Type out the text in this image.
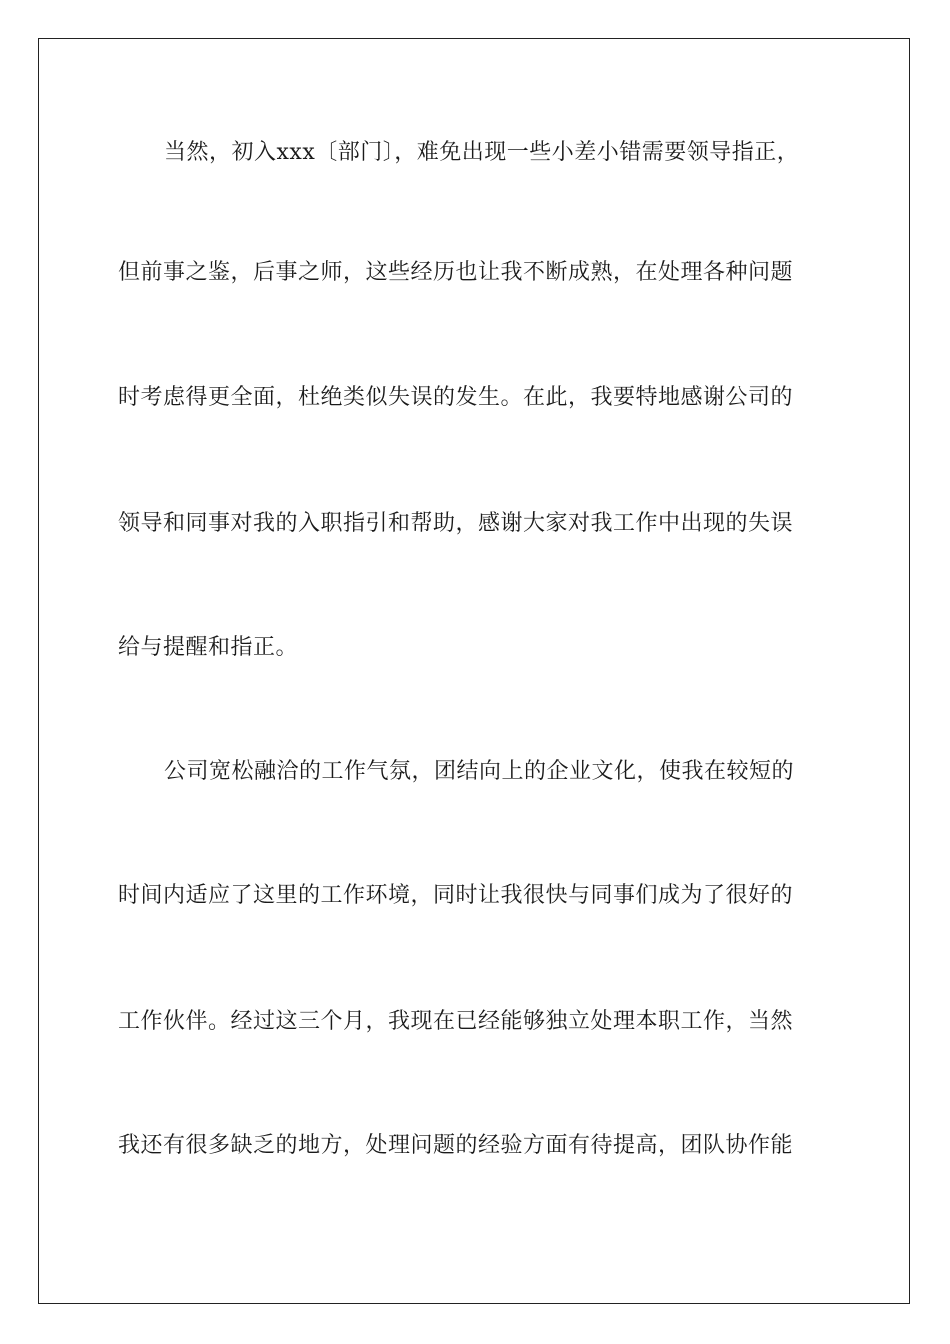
当然，初入xxx〔部门〕，难免出现一些小差小错需要领导指正，
但前事之鉴，后事之师，这些经历也让我不断成熟，在处理各种问题
时考虑得更全面，杜绝类似失误的发生。在此，我要特地感谢公司的
领导和同事对我的入职指引和帮助，感谢大家对我工作中出现的失误
给与提醒和指正。
公司宽松融洽的工作气氛，团结向上的企业文化，使我在较短的
时间内适应了这里的工作环境，同时让我很快与同事们成为了很好的
工作伙伴。经过这三个月，我现在已经能够独立处理本职工作，当然
我还有很多缺乏的地方，处理问题的经验方面有待提高，团队协作能
